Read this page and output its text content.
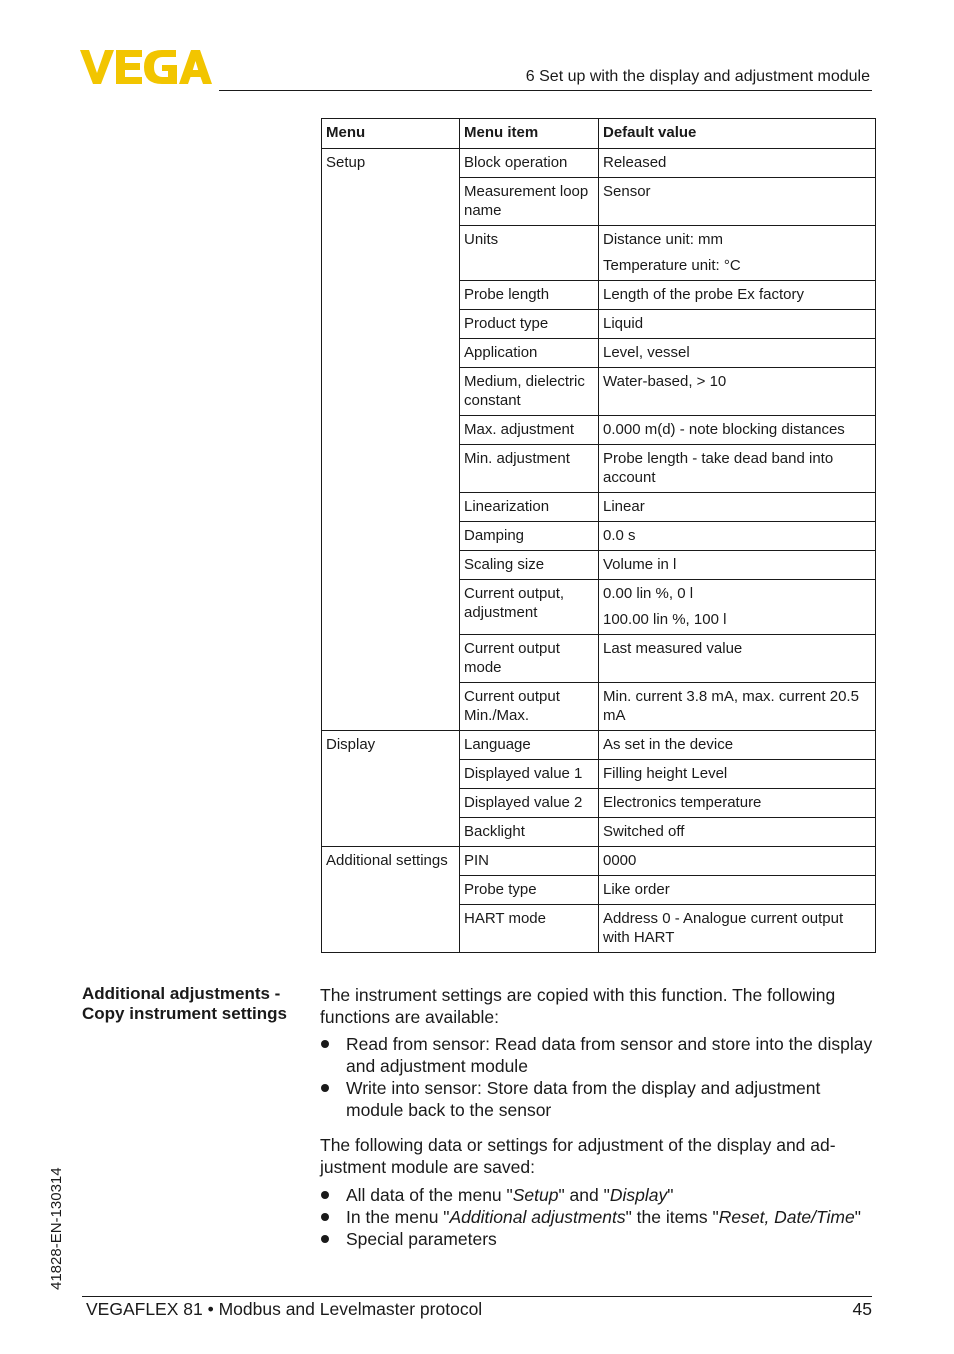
6 Set up with the display and adjustment module
Menu	Menu item	Default value
Setup	Block operation	Released

	Measurement loop name	Sensor

	Units	Distance unit: mm
Temperature unit: °C

	Probe length	Length of the probe Ex factory

	Product type	Liquid

	Application	Level, vessel

	Medium, dielectric constant	Water-based, > 10

	Max. adjustment	0.000 m(d) - note blocking distances

	Min. adjustment	Probe length - take dead band into account

	Linearization	Linear

	Damping	0.0 s

	Scaling size	Volume in l

	Current output, adjustment	0.00 lin %, 0 l
100.00 lin %, 100 l

	Current output mode	Last measured value

	Current output Min./Max.	Min. current 3.8 mA, max. current 20.5 mA

Display	Language	As set in the device

	Displayed value 1	Filling height Level

	Displayed value 2	Electronics temperature

	Backlight	Switched off

Additional settings	PIN	0000

	Probe type	Like order

	HART mode	Address 0 - Analogue current output with HART
Additional adjustments - Copy instrument settings
The instrument settings are copied with this function. The following functions are available:
Read from sensor: Read data from sensor and store into the display and adjustment module
Write into sensor: Store data from the display and adjustment module back to the sensor
The following data or settings for adjustment of the display and ad-justment module are saved:
All data of the menu "Setup" and "Display"
In the menu "Additional adjustments" the items "Reset, Date/Time"
Special parameters
41828-EN-130314
VEGAFLEX 81 • Modbus and Levelmaster protocol	45
